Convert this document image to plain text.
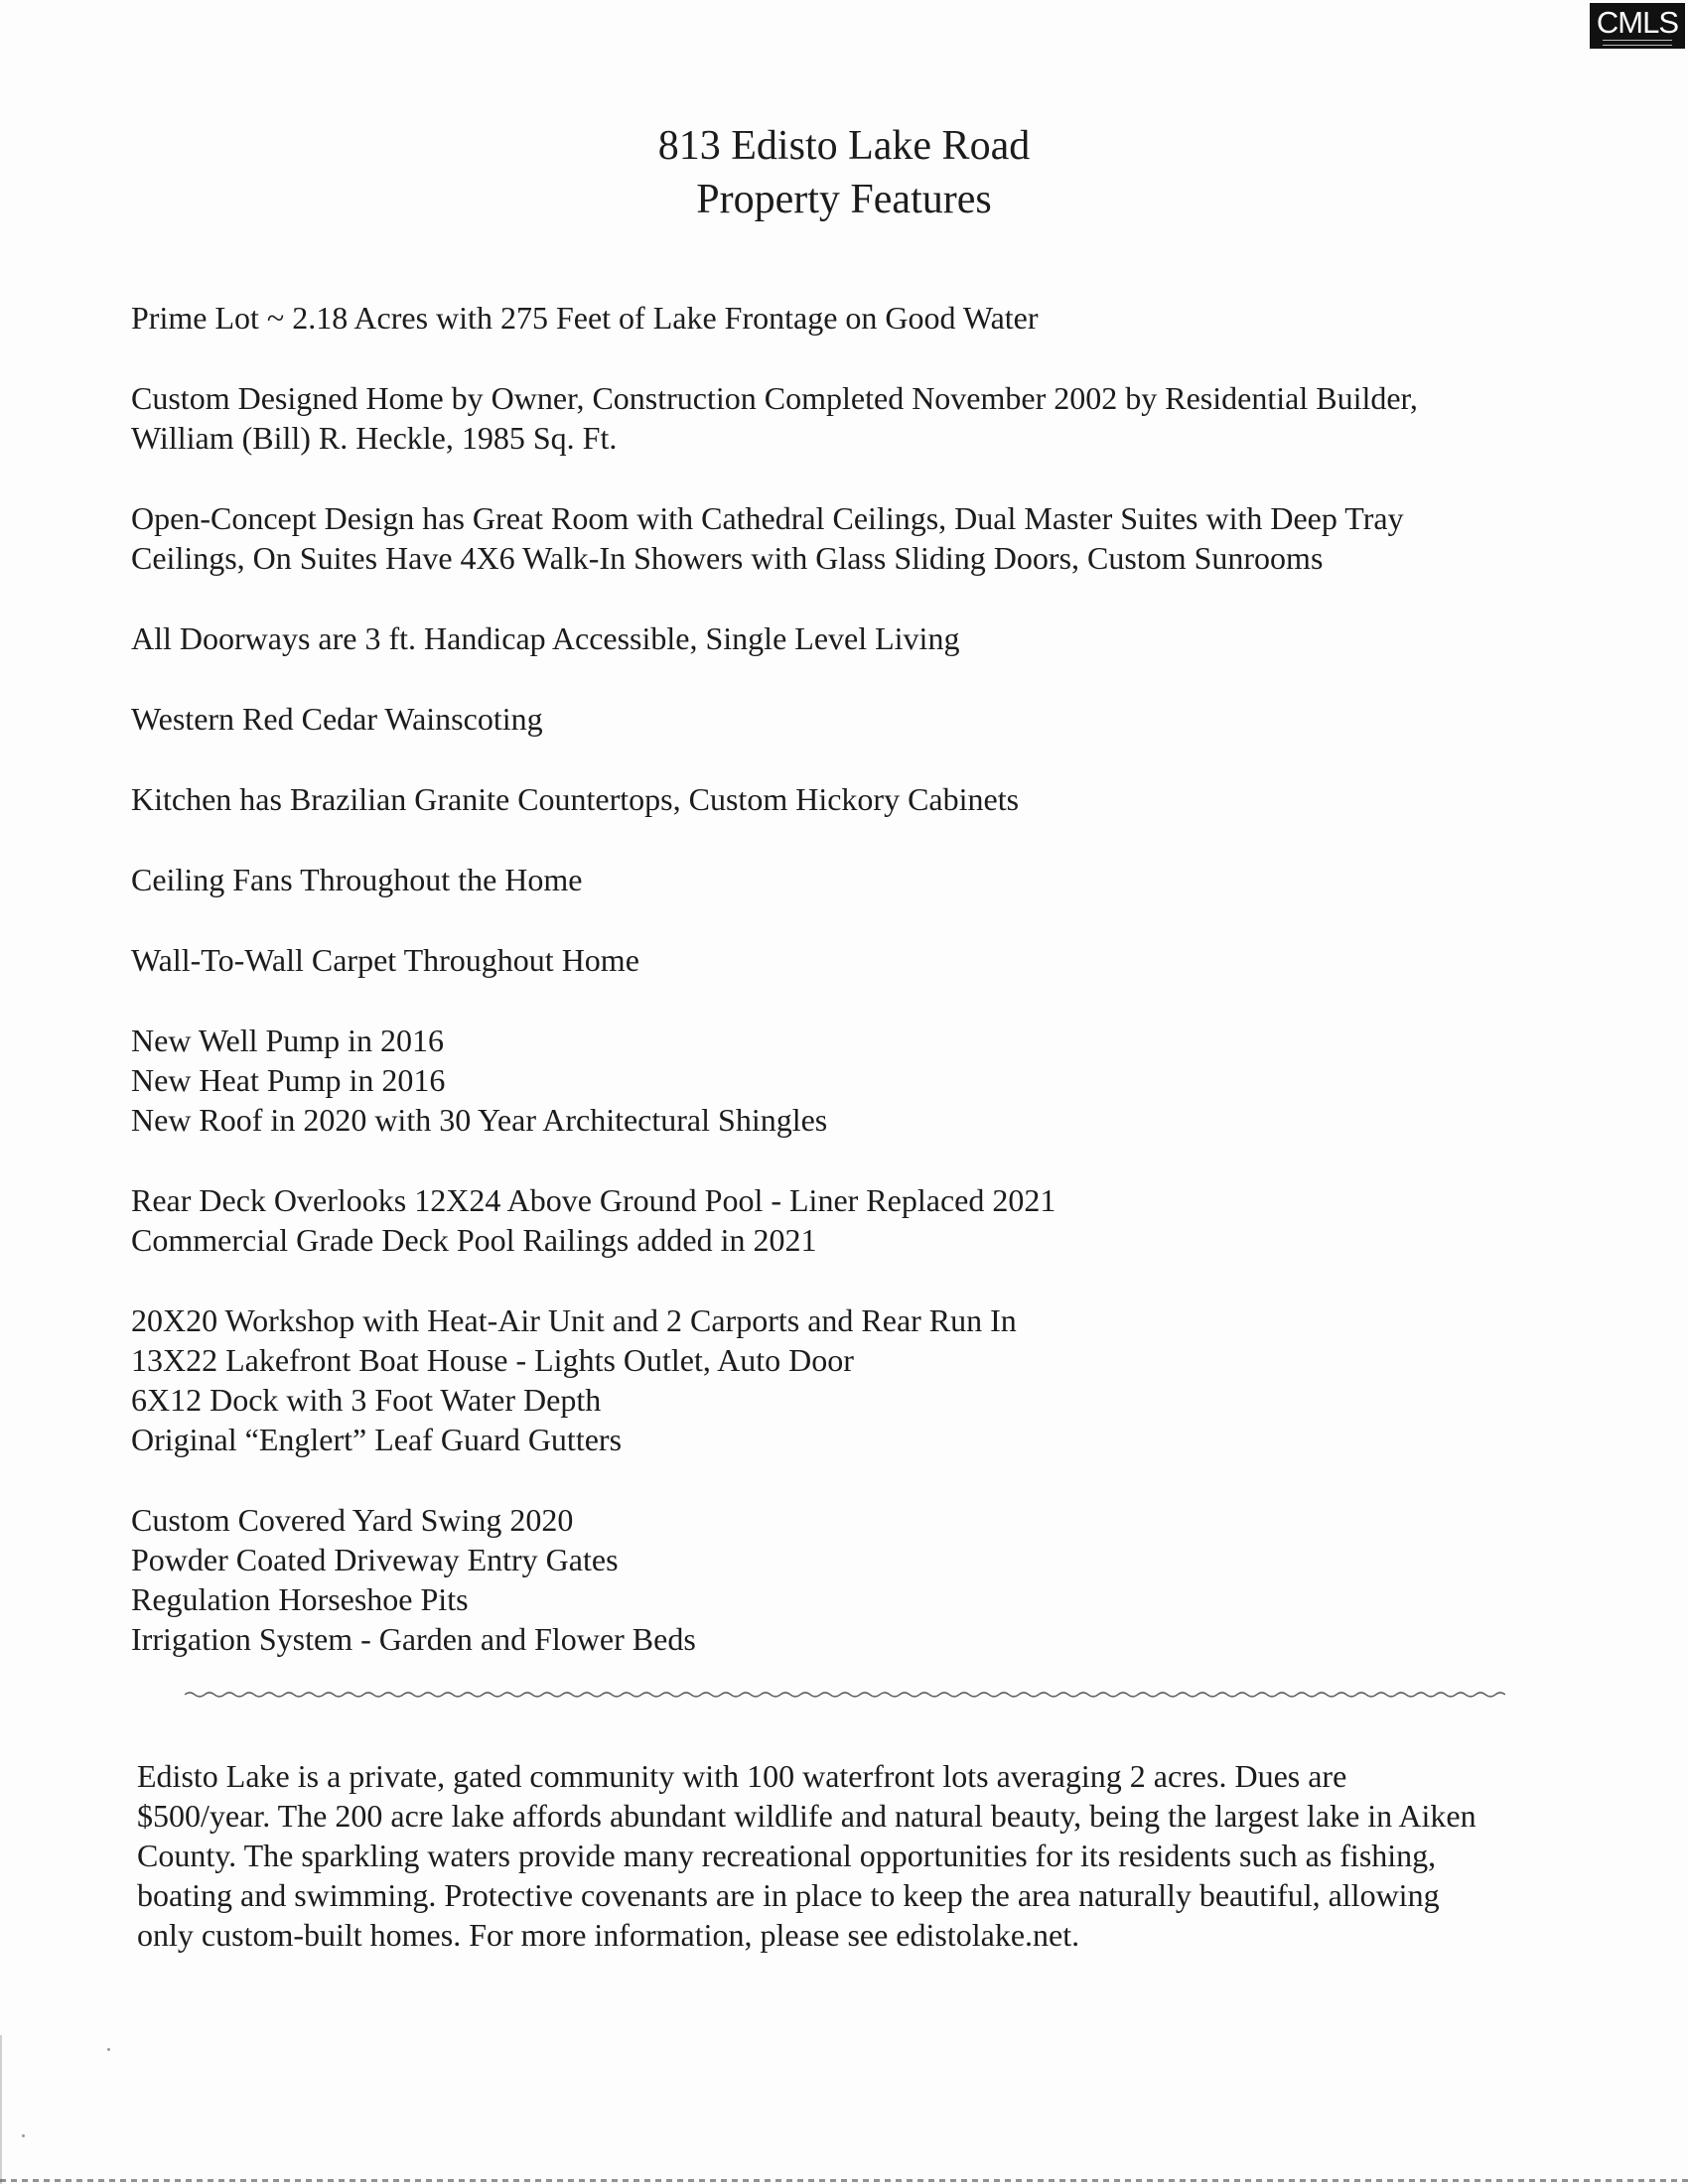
CMLS
813 Edisto Lake Road
Property Features
Prime Lot ~ 2.18 Acres with 275 Feet of Lake Frontage on Good Water
Custom Designed Home by Owner, Construction Completed November 2002 by Residential Builder,
William (Bill) R. Heckle, 1985 Sq. Ft.
Open-Concept Design has Great Room with Cathedral Ceilings, Dual Master Suites with Deep Tray
Ceilings, On Suites Have 4X6 Walk-In Showers with Glass Sliding Doors, Custom Sunrooms
All Doorways are 3 ft. Handicap Accessible, Single Level Living
Western Red Cedar Wainscoting
Kitchen has Brazilian Granite Countertops, Custom Hickory Cabinets
Ceiling Fans Throughout the Home
Wall-To-Wall Carpet Throughout Home
New Well Pump in 2016
New Heat Pump in 2016
New Roof in 2020 with 30 Year Architectural Shingles
Rear Deck Overlooks 12X24 Above Ground Pool - Liner Replaced 2021
Commercial Grade Deck Pool Railings added in 2021
20X20 Workshop with Heat-Air Unit and 2 Carports and Rear Run In
13X22 Lakefront Boat House - Lights Outlet, Auto Door
6X12 Dock with 3 Foot Water Depth
Original “Englert” Leaf Guard Gutters
Custom Covered Yard Swing 2020
Powder Coated Driveway Entry Gates
Regulation Horseshoe Pits
Irrigation System - Garden and Flower Beds
Edisto Lake is a private, gated community with 100 waterfront lots averaging 2 acres. Dues are
$500/year. The 200 acre lake affords abundant wildlife and natural beauty, being the largest lake in Aiken
County. The sparkling waters provide many recreational opportunities for its residents such as fishing,
boating and swimming. Protective covenants are in place to keep the area naturally beautiful, allowing
only custom-built homes. For more information, please see edistolake.net.
